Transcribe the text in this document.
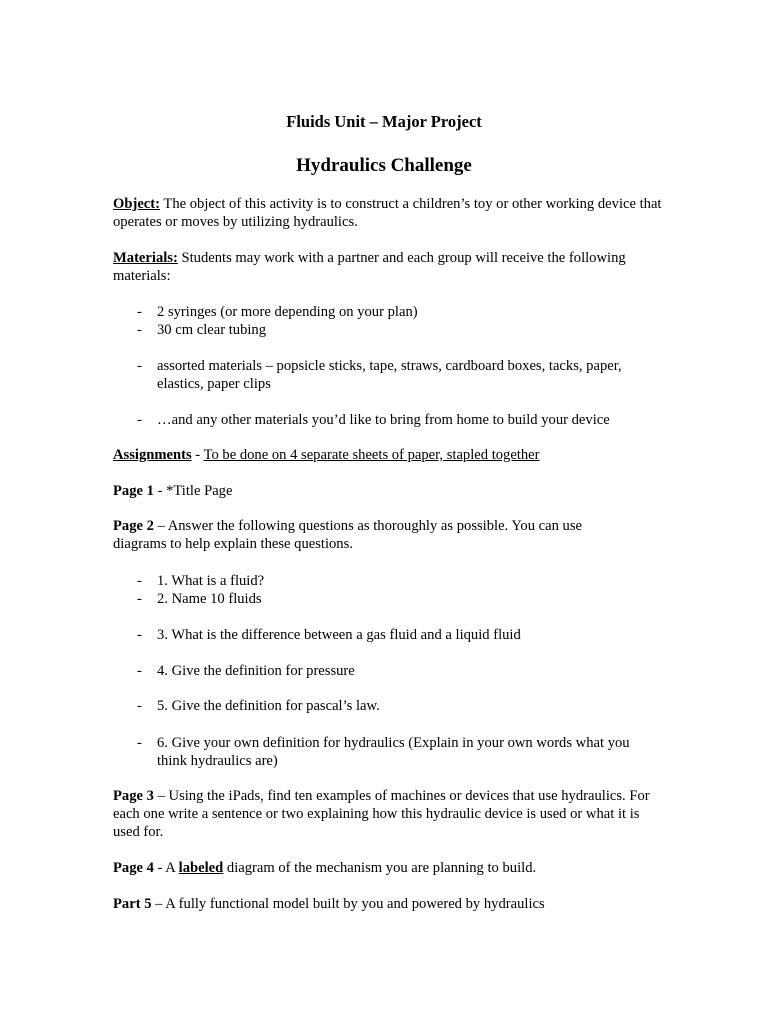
Fluids Unit – Major Project
Hydraulics Challenge
Object: The object of this activity is to construct a children’s toy or other working device that operates or moves by utilizing hydraulics.
Materials: Students may work with a partner and each group will receive the following materials:
- 2 syringes (or more depending on your plan)
- 30 cm clear tubing
- assorted materials – popsicle sticks, tape, straws, cardboard boxes, tacks, paper, elastics, paper clips
- …and any other materials you’d like to bring from home to build your device
Assignments - To be done on 4 separate sheets of paper, stapled together
Page 1 - *Title Page
Page 2 – Answer the following questions as thoroughly as possible. You can use diagrams to help explain these questions.
- 1. What is a fluid?
- 2. Name 10 fluids
- 3. What is the difference between a gas fluid and a liquid fluid
- 4. Give the definition for pressure
- 5. Give the definition for pascal’s law.
- 6. Give your own definition for hydraulics (Explain in your own words what you think hydraulics are)
Page 3 – Using the iPads, find ten examples of machines or devices that use hydraulics. For each one write a sentence or two explaining how this hydraulic device is used or what it is used for.
Page 4 - A labeled diagram of the mechanism you are planning to build.
Part 5 – A fully functional model built by you and powered by hydraulics
